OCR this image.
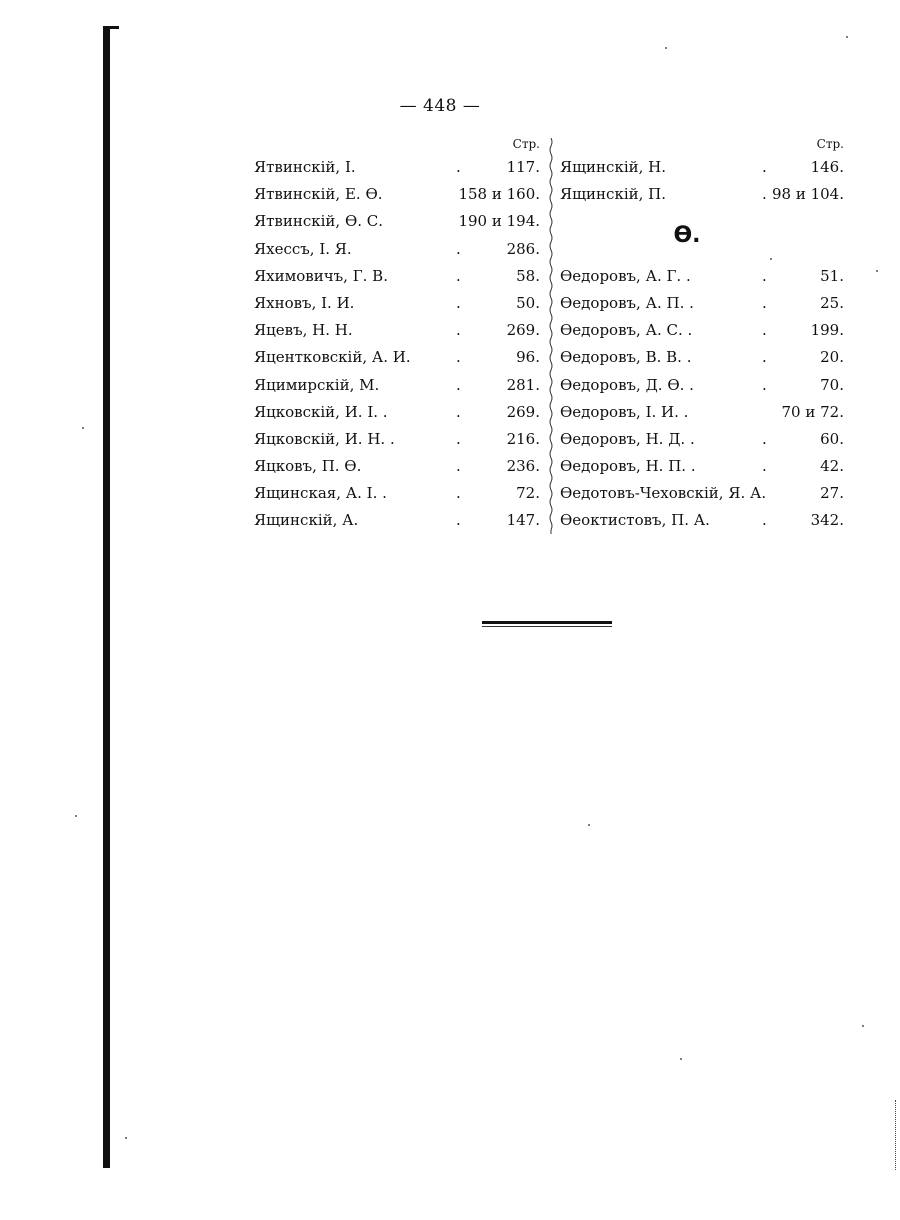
— 448 —
Стр.
Ятвинскій, I.	.	117.
Ятвинскій, Е. Ѳ.	158 и 160.
Ятвинскій, Ѳ. С.	190 и 194.
Яхессъ, I. Я.	.	286.
Яхимовичъ, Г. В.	.	58.
Яхновъ, I. И.	.	50.
Яцевъ, Н. Н.	.	269.
Яцентковскій, А. И.	.	96.
Яцимирскій, М.	.	281.
Яцковскій, И. I. .	.	269.
Яцковскій, И. Н. .	.	216.
Яцковъ, П. Ѳ.	.	236.
Ящинская, А. I. .	.	72.
Ящинскій, А.	.	147.
Стр.
Ящинскій, Н.	.	146.
Ящинскій, П.	. 98 и 104.
Ѳ.
Ѳедоровъ, А. Г. .	.	51.
Ѳедоровъ, А. П. .	.	25.
Ѳедоровъ, А. С. .	.	199.
Ѳедоровъ, В. В. .	.	20.
Ѳедоровъ, Д. Ѳ. .	.	70.
Ѳедоровъ, I. И. .	70 и 72.
Ѳедоровъ, Н. Д. .	.	60.
Ѳедоровъ, Н. П. .	.	42.
Ѳедотовъ-Чеховскій, Я. А.	27.
Ѳеоктистовъ, П. А.	.	342.
